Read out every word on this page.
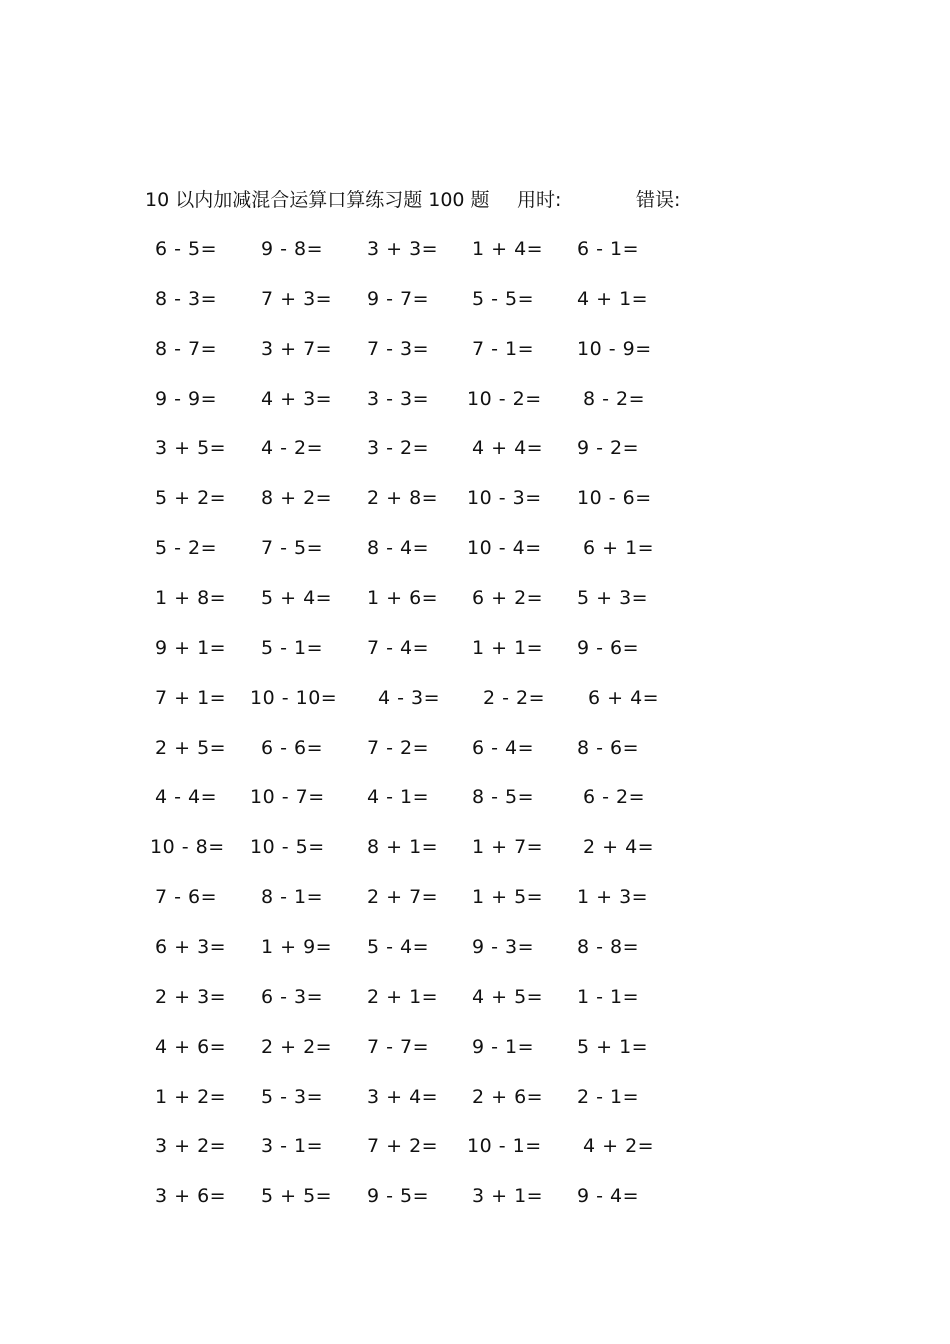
10 以内加减混合运算口算练习题 100 题 用时:	错误:
6 - 5= 9 - 8= 3 + 3= 1 + 4= 6 - 1=
8 - 3= 7 + 3= 9 - 7= 5 - 5= 4 + 1=
8 - 7= 3 + 7= 7 - 3= 7 - 1= 10 - 9=
9 - 9= 4 + 3= 3 - 3= 10 - 2= 8 - 2=
3 + 5= 4 - 2= 3 - 2= 4 + 4= 9 - 2=
5 + 2= 8 + 2= 2 + 8= 10 - 3= 10 - 6=
5 - 2= 7 - 5= 8 - 4= 10 - 4= 6 + 1=
1 + 8= 5 + 4= 1 + 6= 6 + 2= 5 + 3=
9 + 1= 5 - 1= 7 - 4= 1 + 1= 9 - 6=
7 + 1= 10 - 10= 4 - 3= 2 - 2= 6 + 4=
2 + 5= 6 - 6= 7 - 2= 6 - 4= 8 - 6=
4 - 4= 10 - 7= 4 - 1= 8 - 5=	6 - 2=
10 - 8= 10 - 5= 8 + 1= 1 + 7= 2 + 4=
7 - 6= 8 - 1= 2 + 7= 1 + 5= 1 + 3=
6 + 3= 1 + 9= 5 - 4= 9 - 3= 8 - 8=
2 + 3= 6 - 3= 2 + 1= 4 + 5= 1 - 1=
4 + 6= 2 + 2= 7 - 7= 9 - 1= 5 + 1=
1 + 2= 5 - 3= 3 + 4= 2 + 6= 2 - 1=
3 + 2= 3 - 1= 7 + 2= 10 - 1= 4 + 2=
3 + 6= 5 + 5= 9 - 5= 3 + 1= 9 - 4=
